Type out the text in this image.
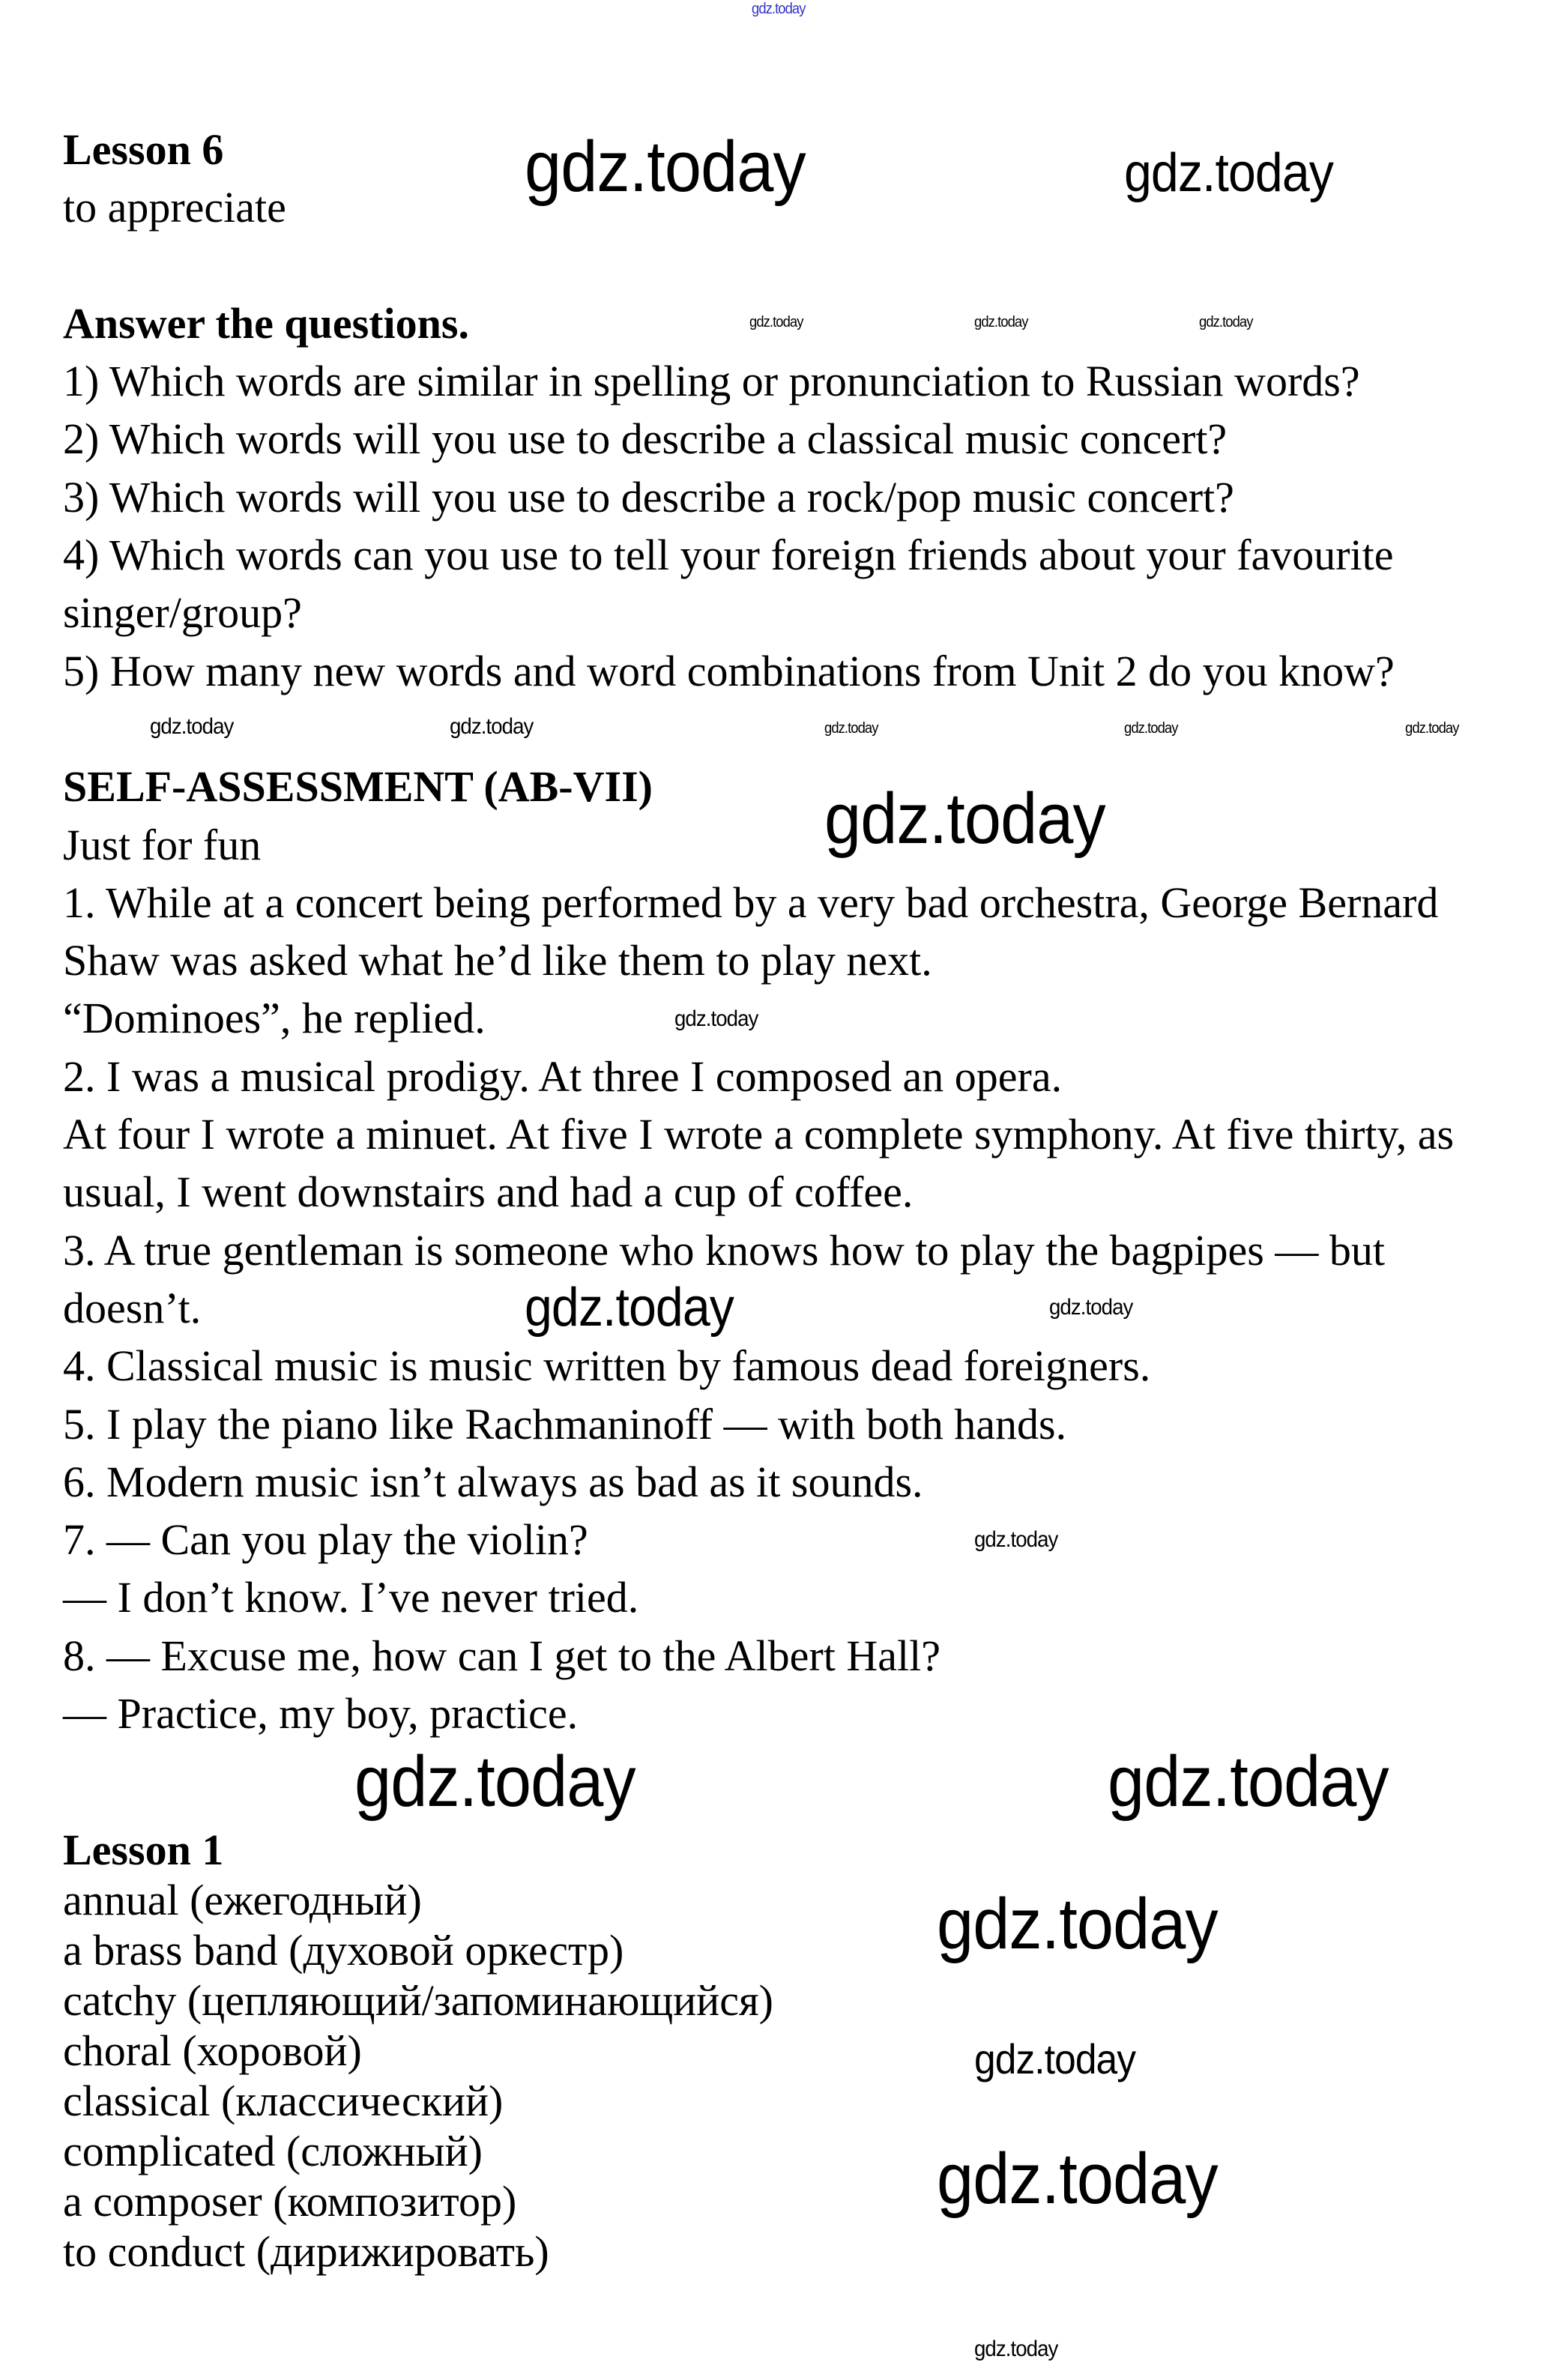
Lesson 6
to appreciate
Answer the questions.
1) Which words are similar in spelling or pronunciation to Russian words?
2) Which words will you use to describe a classical music concert?
3) Which words will you use to describe a rock/pop music concert?
4) Which words can you use to tell your foreign friends about your favourite
singer/group?
5) How many new words and word combinations from Unit 2 do you know?
SELF-ASSESSMENT (AB-VII)
Just for fun
1. While at a concert being performed by a very bad orchestra, George Bernard
Shaw was asked what he’d like them to play next.
“Dominoes”, he replied.
2. I was a musical prodigy. At three I composed an opera.
At four I wrote a minuet. At five I wrote a complete symphony. At five thirty, as
usual, I went downstairs and had a cup of coffee.
3. A true gentleman is someone who knows how to play the bagpipes — but
doesn’t.
4. Classical music is music written by famous dead foreigners.
5. I play the piano like Rachmaninoff — with both hands.
6. Modern music isn’t always as bad as it sounds.
7. — Can you play the violin?
— I don’t know. I’ve never tried.
8. — Excuse me, how can I get to the Albert Hall?
— Practice, my boy, practice.
Lesson 1
annual (ежегодный)
a brass band (духовой оркестр)
catchy (цепляющий/запоминающийся)
choral (хоровой)
classical (классический)
complicated (сложный)
a composer (композитор)
to conduct (дирижировать)
gdz.today
gdz.today	gdz.today
gdz.today	gdz.today	gdz.today
gdz.today	gdz.today	gdz.today	gdz.today	gdz.today
gdz.today
gdz.today
gdz.today	gdz.today
gdz.today
gdz.today	gdz.today
gdz.today
gdz.today
gdz.today
gdz.today
